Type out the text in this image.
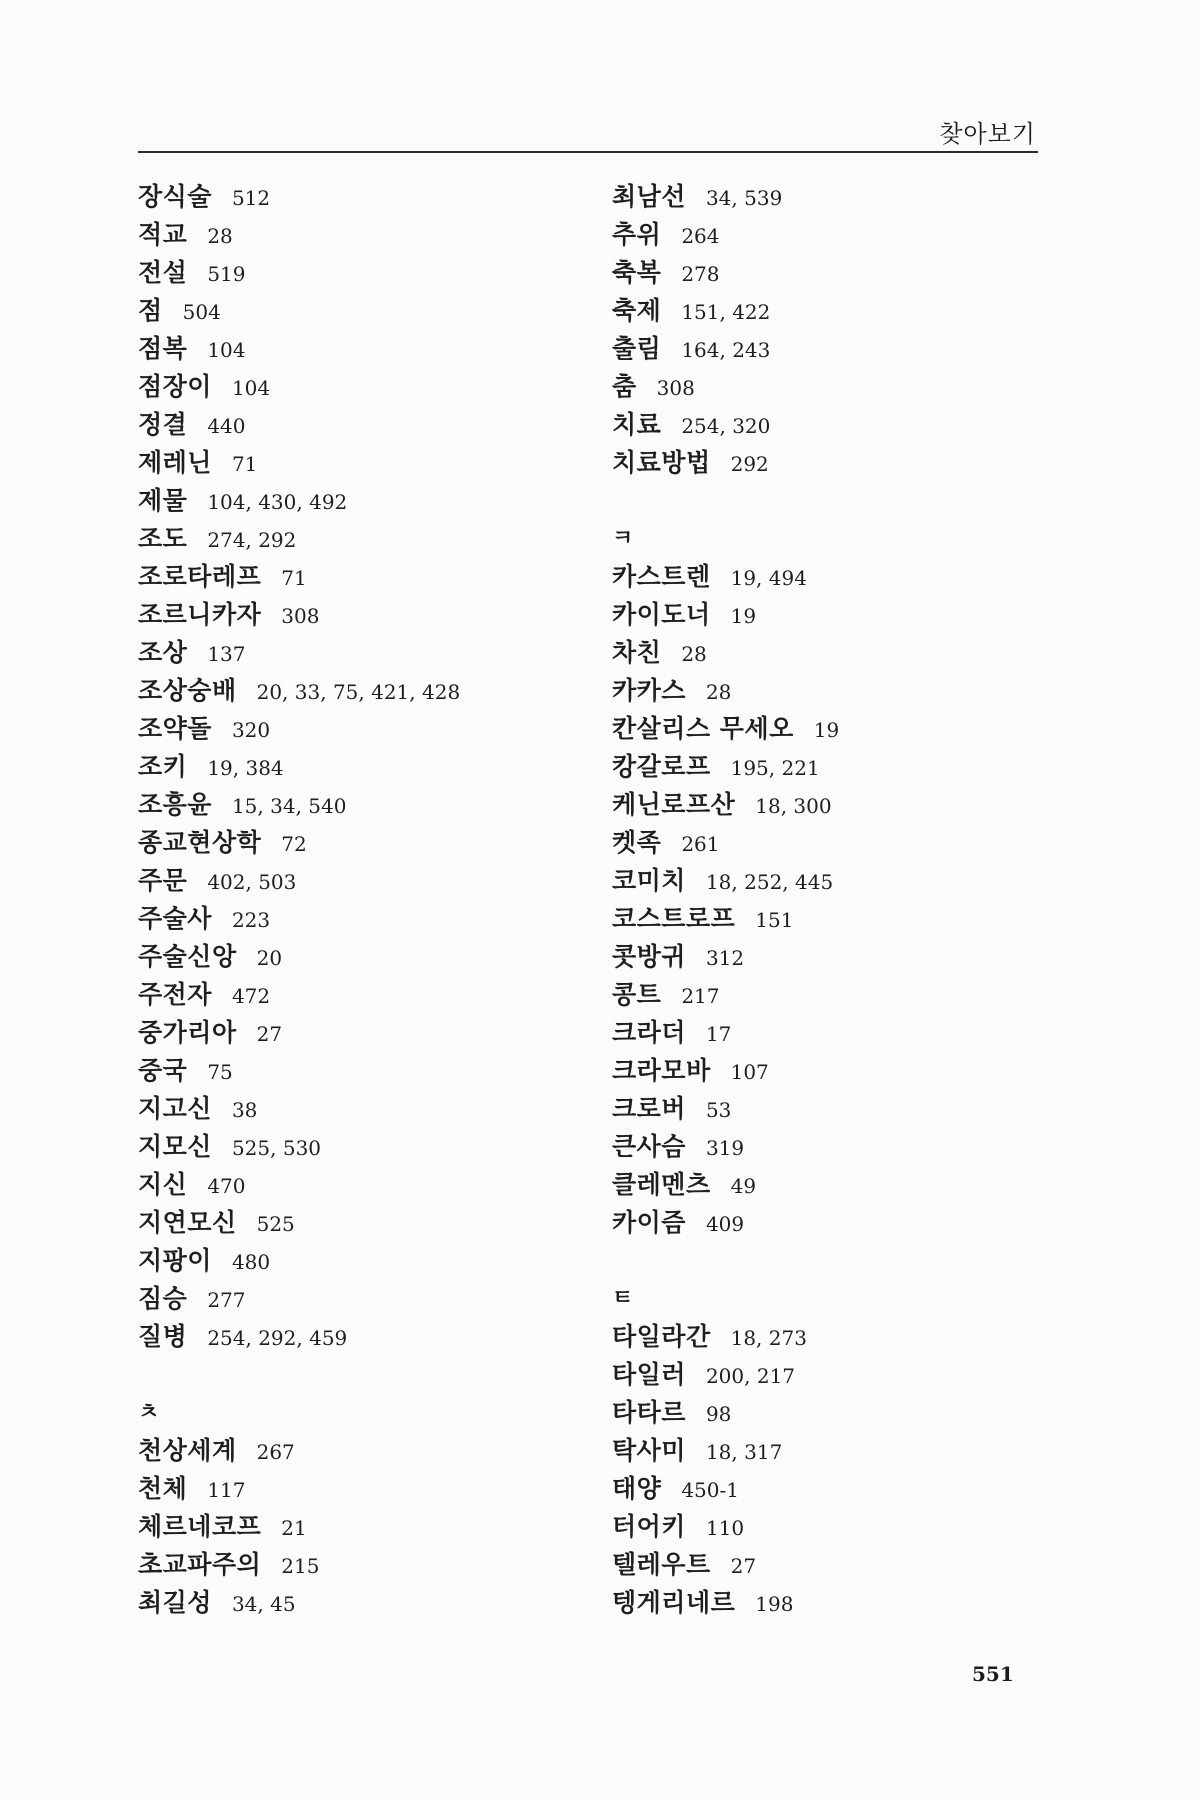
찾아보기
장식술 512
적교 28
전설 519
점 504
점복 104
점장이 104
정결 440
제레닌 71
제물 104, 430, 492
조도 274, 292
조로타레프 71
조르니카자 308
조상 137
조상숭배 20, 33, 75, 421, 428
조약돌 320
조키 19, 384
조흥윤 15, 34, 540
종교현상학 72
주문 402, 503
주술사 223
주술신앙 20
주전자 472
중가리아 27
중국 75
지고신 38
지모신 525, 530
지신 470
지연모신 525
지팡이 480
짐승 277
질병 254, 292, 459
ㅊ
천상세계 267
천체 117
체르네코프 21
초교파주의 215
최길성 34, 45
최남선 34, 539
추위 264
축복 278
축제 151, 422
출림 164, 243
춤 308
치료 254, 320
치료방법 292
ㅋ
카스트렌 19, 494
카이도너 19
차친 28
카카스 28
칸살리스 무세오 19
캉갈로프 195, 221
케닌로프산 18, 300
켓족 261
코미치 18, 252, 445
코스트로프 151
콧방귀 312
콩트 217
크라더 17
크라모바 107
크로버 53
큰사슴 319
클레멘츠 49
카이즘 409
ㅌ
타일라간 18, 273
타일러 200, 217
타타르 98
탁사미 18, 317
태양 450-1
터어키 110
텔레우트 27
텡게리네르 198
551
